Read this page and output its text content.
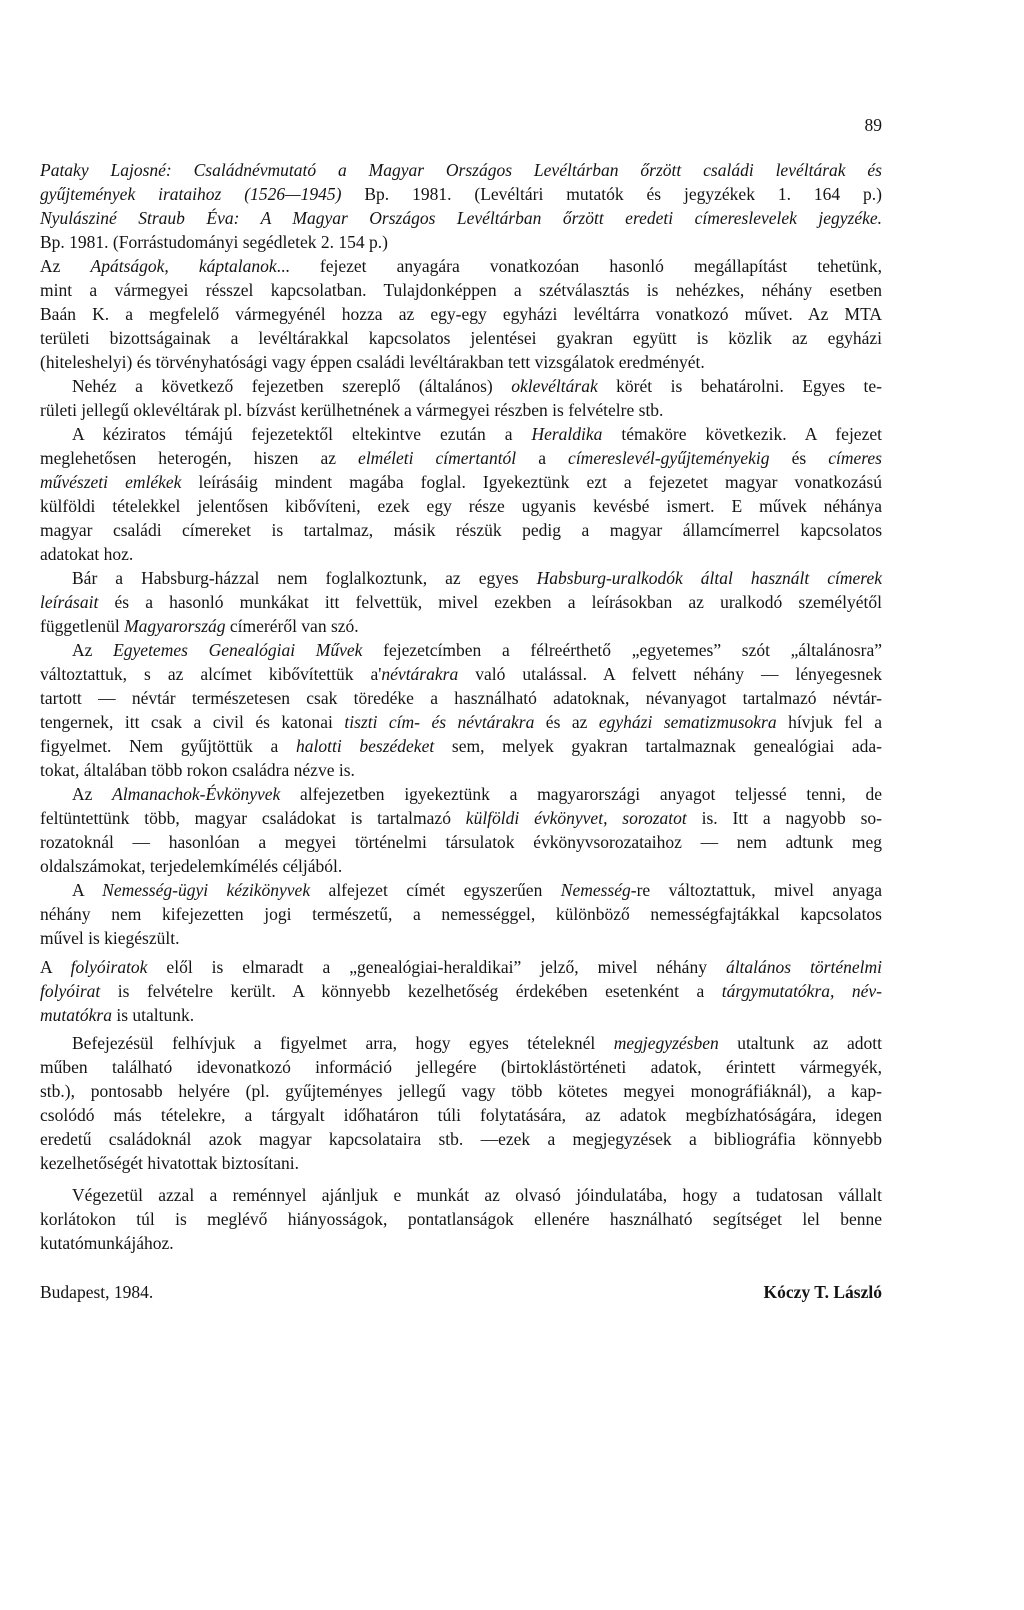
89
Pataky Lajosné: Családnévmutató a Magyar Országos Levéltárban őrzött családi levéltárak és
gyűjtemények irataihoz (1526—1945) Bp. 1981. (Levéltári mutatók és jegyzékek 1. 164 p.)
Nyulásziné Straub Éva: A Magyar Országos Levéltárban őrzött eredeti címereslevelek jegyzéke.
Bp. 1981. (Forrástudományi segédletek 2. 154 p.)
Az Apátságok, káptalanok... fejezet anyagára vonatkozóan hasonló megállapítást tehetünk,
mint a vármegyei résszel kapcsolatban. Tulajdonképpen a szétválasztás is nehézkes, néhány esetben
Baán K. a megfelelő vármegyénél hozza az egy-egy egyházi levéltárra vonatkozó művet. Az MTA
területi bizottságainak a levéltárakkal kapcsolatos jelentései gyakran együtt is közlik az egyházi
(hiteleshelyi) és törvényhatósági vagy éppen családi levéltárakban tett vizsgálatok eredményét.
Nehéz a következő fejezetben szereplő (általános) oklevéltárak körét is behatárolni. Egyes te-
rületi jellegű oklevéltárak pl. bízvást kerülhetnének a vármegyei részben is felvételre stb.
A kéziratos témájú fejezetektől eltekintve ezután a Heraldika témaköre következik. A fejezet
meglehetősen heterogén, hiszen az elméleti címertantól a címereslevél-gyűjteményekig és címeres
művészeti emlékek leírásáig mindent magába foglal. Igyekeztünk ezt a fejezetet magyar vonatkozású
külföldi tételekkel jelentősen kibővíteni, ezek egy része ugyanis kevésbé ismert. E művek néhánya
magyar családi címereket is tartalmaz, másik részük pedig a magyar államcímerrel kapcsolatos
adatokat hoz.
Bár a Habsburg-házzal nem foglalkoztunk, az egyes Habsburg-uralkodók által használt címerek
leírásait és a hasonló munkákat itt felvettük, mivel ezekben a leírásokban az uralkodó személyétől
függetlenül Magyarország címeréről van szó.
Az Egyetemes Genealógiai Művek fejezetcímben a félreérthető „egyetemes” szót „általánosra”
változtattuk, s az alcímet kibővítettük a'névtárakra való utalással. A felvett néhány — lényegesnek
tartott — névtár természetesen csak töredéke a használható adatoknak, névanyagot tartalmazó névtár-
tengernek, itt csak a civil és katonai tiszti cím- és névtárakra és az egyházi sematizmusokra hívjuk fel a
figyelmet. Nem gyűjtöttük a halotti beszédeket sem, melyek gyakran tartalmaznak genealógiai ada-
tokat, általában több rokon családra nézve is.
Az Almanachok-Évkönyvek alfejezetben igyekeztünk a magyarországi anyagot teljessé tenni, de
feltüntettünk több, magyar családokat is tartalmazó külföldi évkönyvet, sorozatot is. Itt a nagyobb so-
rozatoknál — hasonlóan a megyei történelmi társulatok évkönyvsorozataihoz — nem adtunk meg
oldalszámokat, terjedelemkímélés céljából.
A Nemesség-ügyi kézikönyvek alfejezet címét egyszerűen Nemesség-re változtattuk, mivel anyaga
néhány nem kifejezetten jogi természetű, a nemességgel, különböző nemességfajtákkal kapcsolatos
művel is kiegészült.
A folyóiratok elől is elmaradt a „genealógiai-heraldikai” jelző, mivel néhány általános történelmi
folyóirat is felvételre került. A könnyebb kezelhetőség érdekében esetenként a tárgymutatókra, név-
mutatókra is utaltunk.
Befejezésül felhívjuk a figyelmet arra, hogy egyes tételeknél megjegyzésben utaltunk az adott
műben található idevonatkozó információ jellegére (birtoklástörténeti adatok, érintett vármegyék,
stb.), pontosabb helyére (pl. gyűjteményes jellegű vagy több kötetes megyei monográfiáknál), a kap-
csolódó más tételekre, a tárgyalt időhatáron túli folytatására, az adatok megbízhatóságára, idegen
eredetű családoknál azok magyar kapcsolataira stb. —ezek a megjegyzések a bibliográfia könnyebb
kezelhetőségét hivatottak biztosítani.
Végezetül azzal a reménnyel ajánljuk e munkát az olvasó jóindulatába, hogy a tudatosan vállalt
korlátokon túl is meglévő hiányosságok, pontatlanságok ellenére használható segítséget lel benne
kutatómunkájához.
Budapest, 1984.	Kóczy T. László
